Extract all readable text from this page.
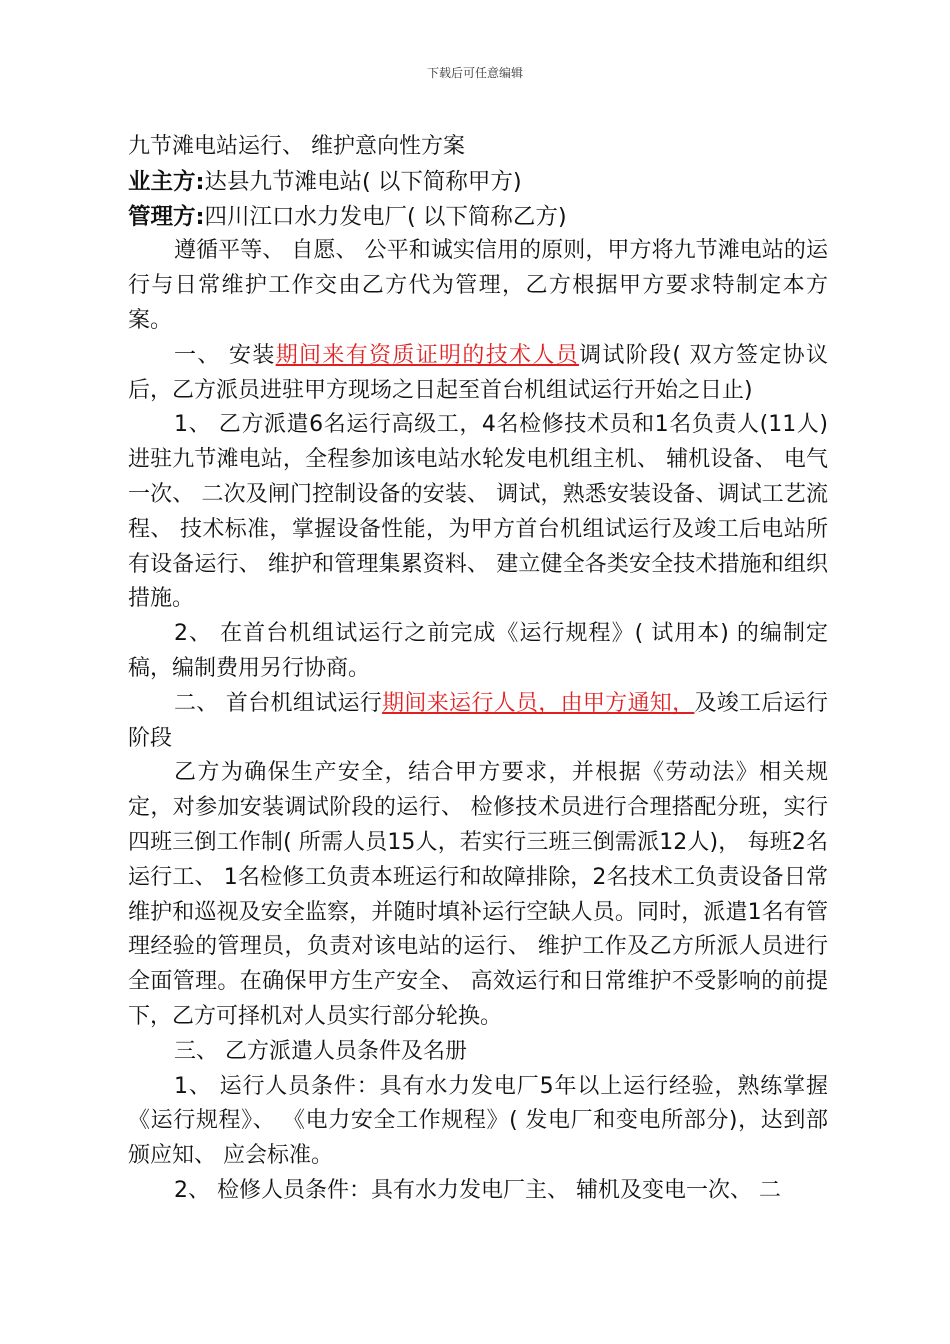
下载后可任意编辑

九节滩电站运行、 维护意向性方案

业主方:达县九节滩电站( 以下简称甲方)

管理方:四川江口水力发电厂( 以下简称乙方)

遵循平等、 自愿、 公平和诚实信用的原则，甲方将九节滩电站的运行与日常维护工作交由乙方代为管理，乙方根据甲方要求特制定本方案。

一、 安装期间来有资质证明的技术人员调试阶段( 双方签定协议后，乙方派员进驻甲方现场之日起至首台机组试运行开始之日止)

1、 乙方派遣6名运行高级工，4名检修技术员和1名负责人(11人)进驻九节滩电站，全程参加该电站水轮发电机组主机、 辅机设备、 电气一次、 二次及闸门控制设备的安装、 调试，熟悉安装设备、调试工艺流程、 技术标准，掌握设备性能，为甲方首台机组试运行及竣工后电站所有设备运行、 维护和管理集累资料、 建立健全各类安全技术措施和组织措施。

2、 在首台机组试运行之前完成《运行规程》( 试用本) 的编制定稿，编制费用另行协商。

二、 首台机组试运行期间来运行人员，由甲方通知，及竣工后运行阶段

乙方为确保生产安全，结合甲方要求，并根据《劳动法》相关规定，对参加安装调试阶段的运行、 检修技术员进行合理搭配分班，实行四班三倒工作制( 所需人员15人，若实行三班三倒需派12人)， 每班2名运行工、 1名检修工负责本班运行和故障排除，2名技术工负责设备日常维护和巡视及安全监察，并随时填补运行空缺人员。同时，派遣1名有管理经验的管理员，负责对该电站的运行、 维护工作及乙方所派人员进行全面管理。在确保甲方生产安全、 高效运行和日常维护不受影响的前提下，乙方可择机对人员实行部分轮换。

三、 乙方派遣人员条件及名册

1、 运行人员条件：具有水力发电厂5年以上运行经验，熟练掌握《运行规程》、 《电力安全工作规程》( 发电厂和变电所部分)，达到部颁应知、 应会标准。

2、 检修人员条件：具有水力发电厂主、 辅机及变电一次、 二
